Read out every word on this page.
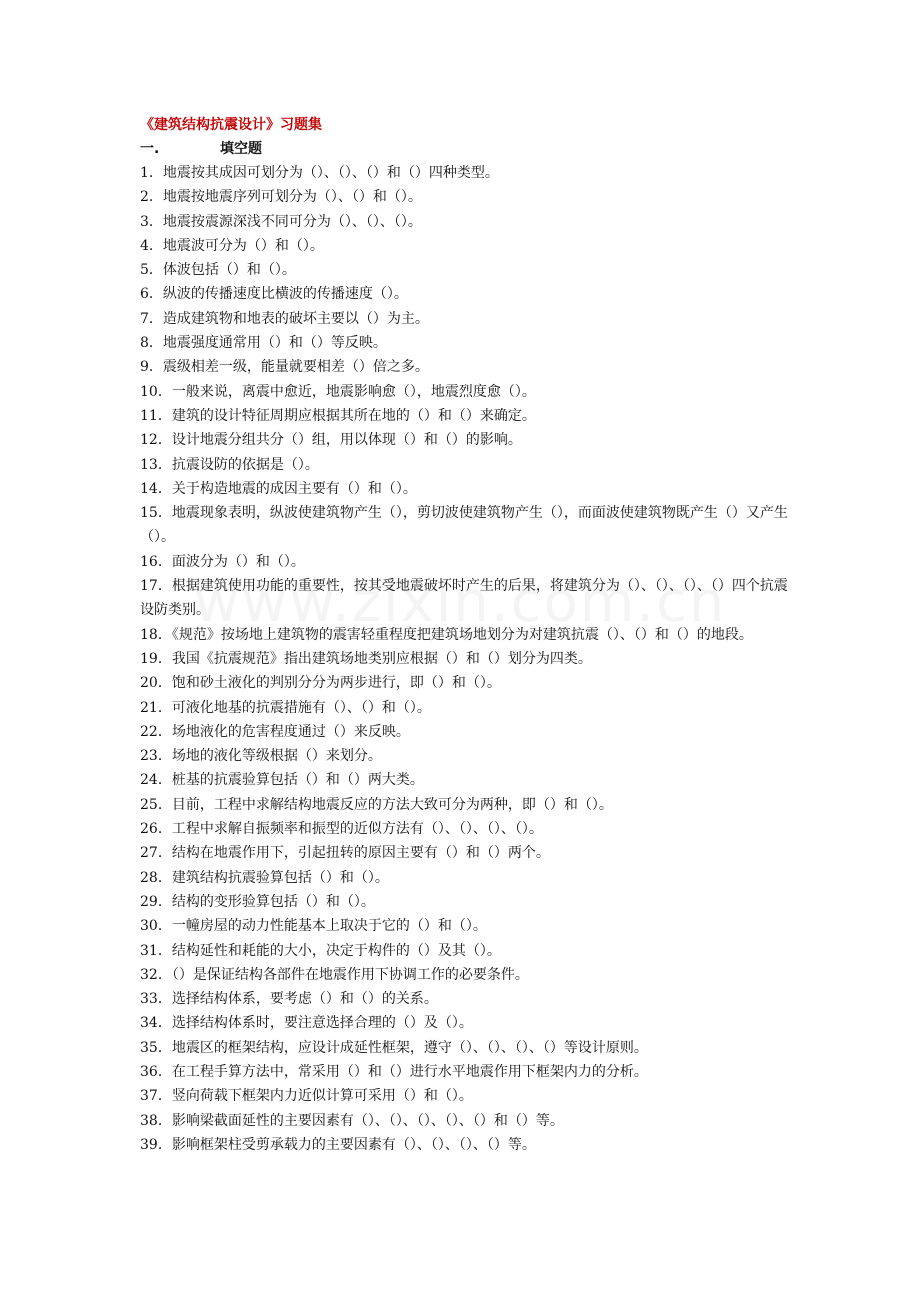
《建筑结构抗震设计》习题集
一.	填空题

1．地震按其成因可划分为（）、（）、（）和（）四种类型。

2．地震按地震序列可划分为（）、（）和（）。

3．地震按震源深浅不同可分为（）、（）、（）。

4．地震波可分为（）和（）。

5．体波包括（）和（）。

6．纵波的传播速度比横波的传播速度（）。

7．造成建筑物和地表的破坏主要以（）为主。

8．地震强度通常用（）和（）等反映。

9．震级相差一级，能量就要相差（）倍之多。

10．一般来说，离震中愈近，地震影响愈（），地震烈度愈（）。

11．建筑的设计特征周期应根据其所在地的（）和（）来确定。

12．设计地震分组共分（）组，用以体现（）和（）的影响。

13．抗震设防的依据是（）。

14．关于构造地震的成因主要有（）和（）。

15．地震现象表明，纵波使建筑物产生（），剪切波使建筑物产生（），而面波使建筑物既产生（）又产生（）。

16．面波分为（）和（）。

17．根据建筑使用功能的重要性，按其受地震破坏时产生的后果，将建筑分为（）、（）、（）、（）四个抗震设防类别。

18．《规范》按场地上建筑物的震害轻重程度把建筑场地划分为对建筑抗震（）、（）和（）的地段。

19．我国《抗震规范》指出建筑场地类别应根据（）和（）划分为四类。

20．饱和砂土液化的判别分分为两步进行，即（）和（）。

21．可液化地基的抗震措施有（）、（）和（）。

22．场地液化的危害程度通过（）来反映。

23．场地的液化等级根据（）来划分。

24．桩基的抗震验算包括（）和（）两大类。

25．目前，工程中求解结构地震反应的方法大致可分为两种，即（）和（）。

26．工程中求解自振频率和振型的近似方法有（）、（）、（）、（）。

27．结构在地震作用下，引起扭转的原因主要有（）和（）两个。

28．建筑结构抗震验算包括（）和（）。

29．结构的变形验算包括（）和（）。

30．一幢房屋的动力性能基本上取决于它的（）和（）。

31．结构延性和耗能的大小，决定于构件的（）及其（）。

32．（）是保证结构各部件在地震作用下协调工作的必要条件。

33．选择结构体系，要考虑（）和（）的关系。

34．选择结构体系时，要注意选择合理的（）及（）。

35．地震区的框架结构，应设计成延性框架，遵守（）、（）、（）、（）等设计原则。

36．在工程手算方法中，常采用（）和（）进行水平地震作用下框架内力的分析。

37．竖向荷载下框架内力近似计算可采用（）和（）。

38．影响梁截面延性的主要因素有（）、（）、（）、（）、（）和（）等。

39．影响框架柱受剪承载力的主要因素有（）、（）、（）、（）等。
